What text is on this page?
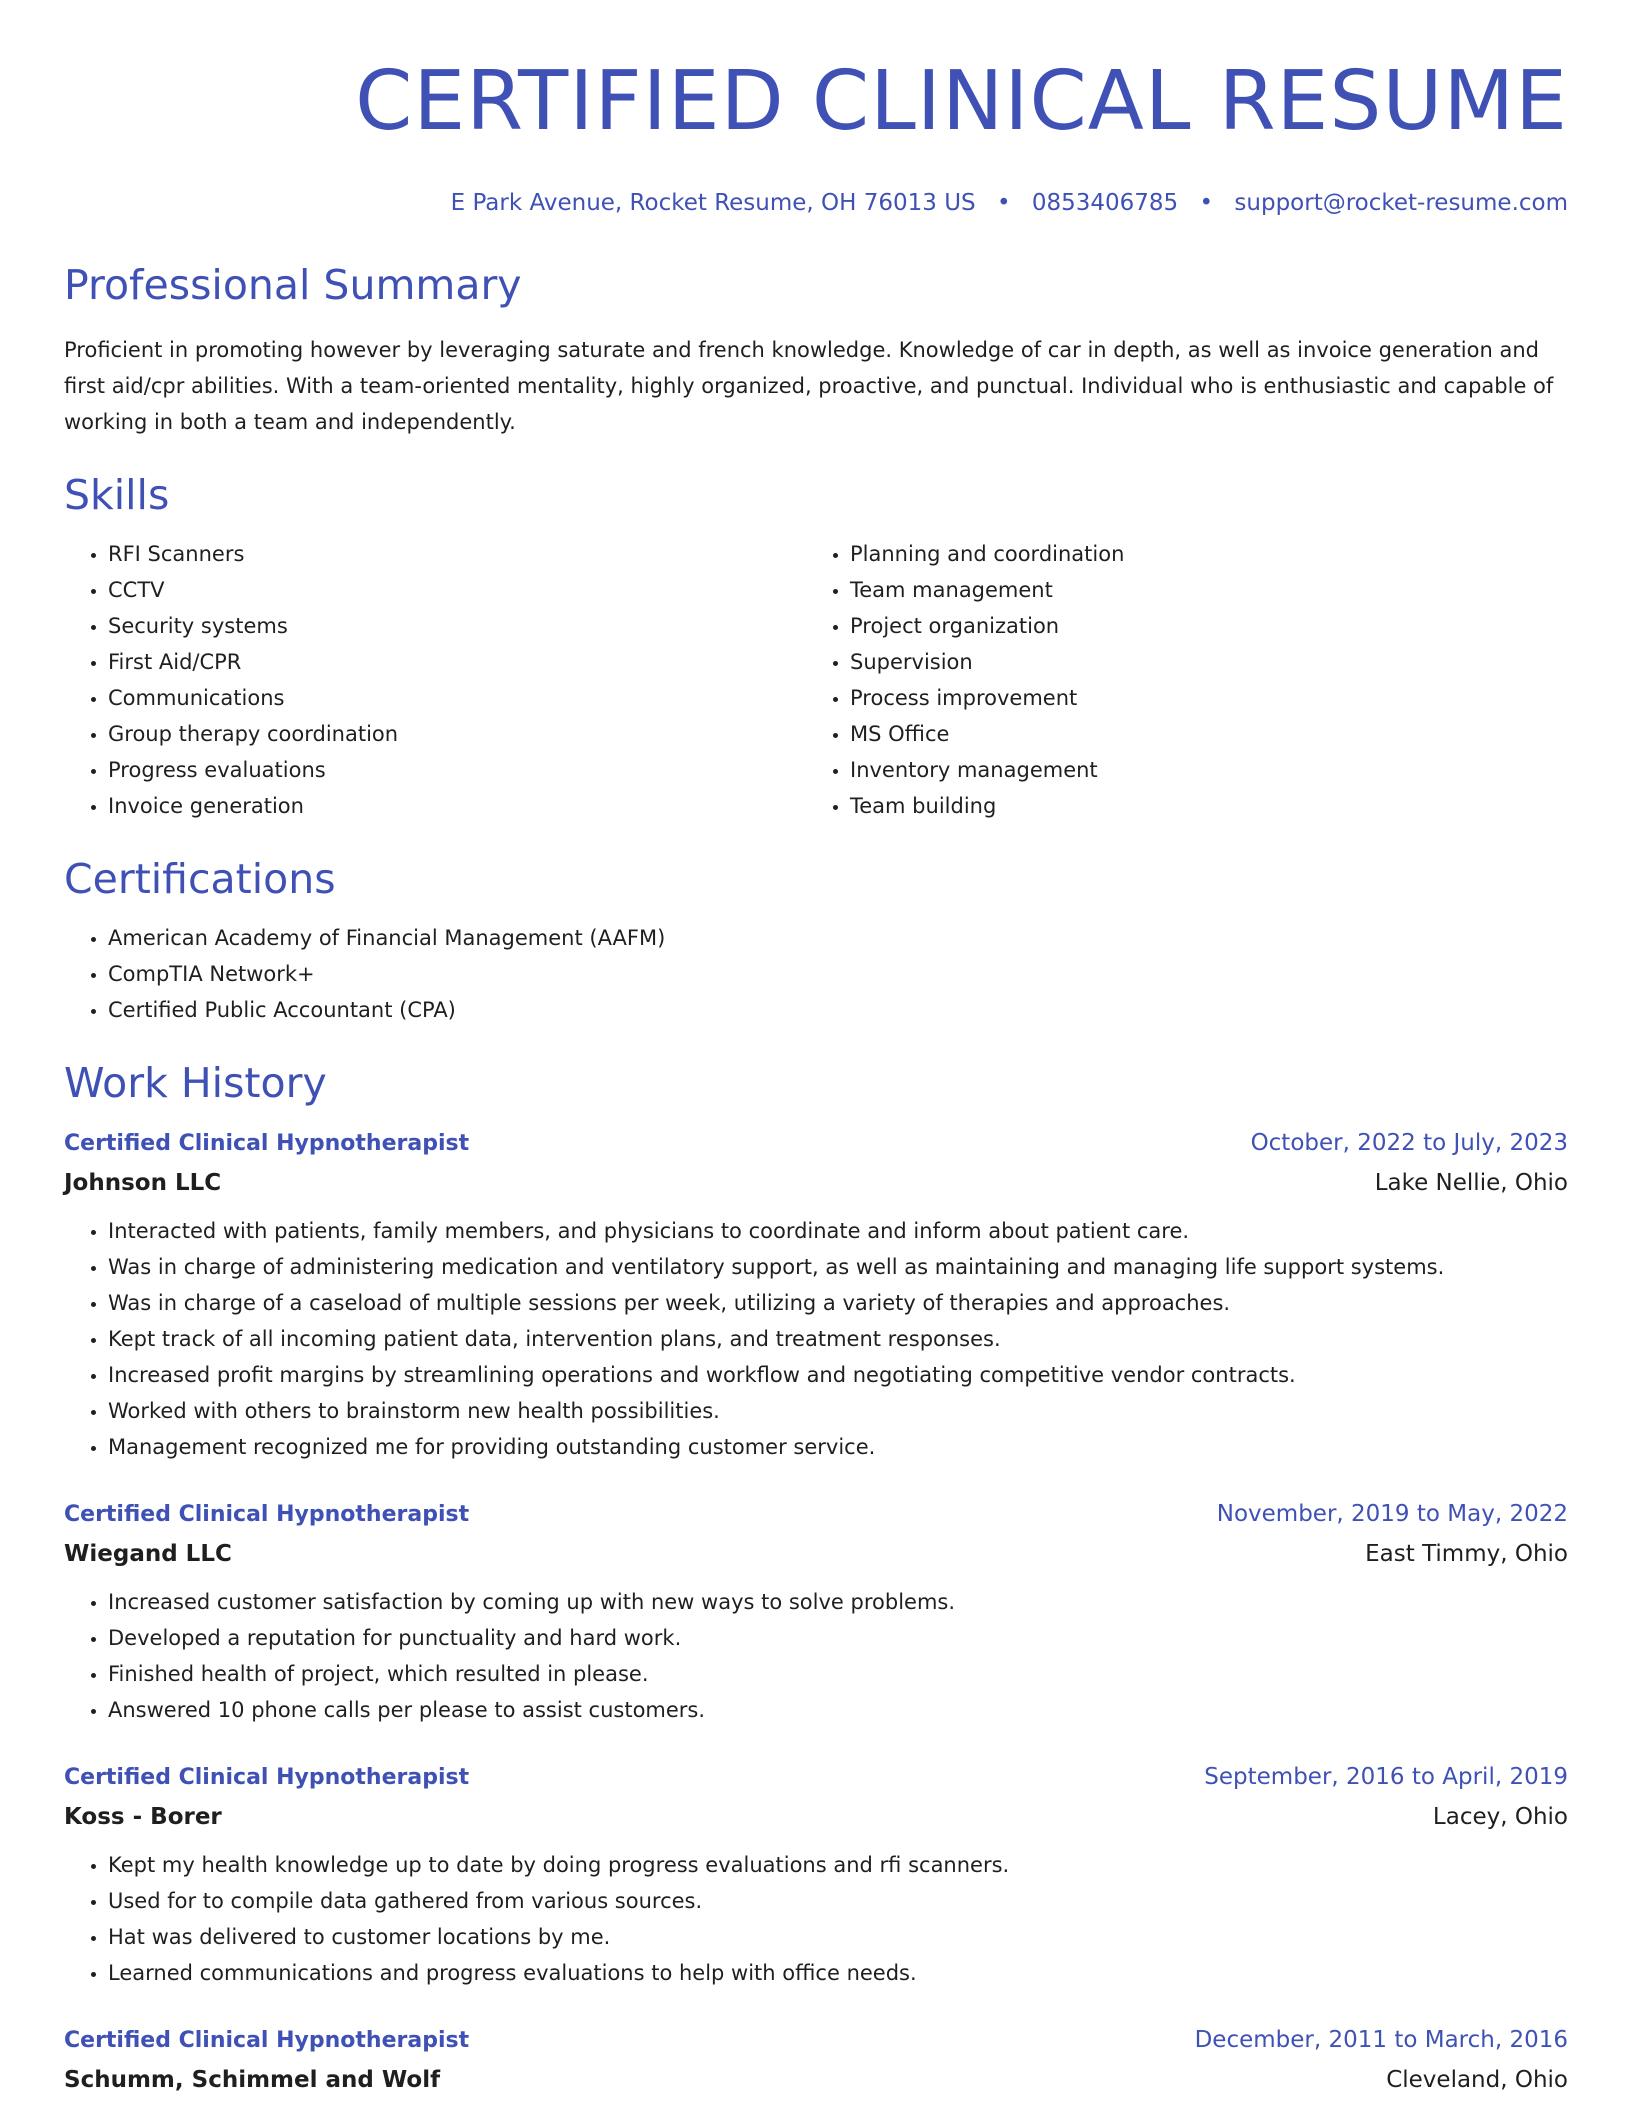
CERTIFIED CLINICAL RESUME
E Park Avenue, Rocket Resume, OH 76013 US • 0853406785 • support@rocket-resume.com
Professional Summary

Proficient in promoting however by leveraging saturate and french knowledge. Knowledge of car in depth, as well as invoice generation and first aid/cpr abilities. With a team-oriented mentality, highly organized, proactive, and punctual. Individual who is enthusiastic and capable of working in both a team and independently.

Skills
• RFI Scanners
• CCTV
• Security systems
• First Aid/CPR
• Communications
• Group therapy coordination
• Progress evaluations
• Invoice generation
• Planning and coordination
• Team management
• Project organization
• Supervision
• Process improvement
• MS Office
• Inventory management
• Team building
Certifications
• American Academy of Financial Management (AAFM)
• CompTIA Network+
• Certified Public Accountant (CPA)
Work History
Certified Clinical Hypnotherapist	October, 2022 to July, 2023
Johnson LLC	Lake Nellie, Ohio
• Interacted with patients, family members, and physicians to coordinate and inform about patient care.
• Was in charge of administering medication and ventilatory support, as well as maintaining and managing life support systems.
• Was in charge of a caseload of multiple sessions per week, utilizing a variety of therapies and approaches.
• Kept track of all incoming patient data, intervention plans, and treatment responses.
• Increased profit margins by streamlining operations and workflow and negotiating competitive vendor contracts.
• Worked with others to brainstorm new health possibilities.
• Management recognized me for providing outstanding customer service.
Certified Clinical Hypnotherapist	November, 2019 to May, 2022
Wiegand LLC	East Timmy, Ohio
• Increased customer satisfaction by coming up with new ways to solve problems.
• Developed a reputation for punctuality and hard work.
• Finished health of project, which resulted in please.
• Answered 10 phone calls per please to assist customers.
Certified Clinical Hypnotherapist	September, 2016 to April, 2019
Koss - Borer	Lacey, Ohio
• Kept my health knowledge up to date by doing progress evaluations and rfi scanners.
• Used for to compile data gathered from various sources.
• Hat was delivered to customer locations by me.
• Learned communications and progress evaluations to help with office needs.
Certified Clinical Hypnotherapist	December, 2011 to March, 2016
Schumm, Schimmel and Wolf	Cleveland, Ohio
